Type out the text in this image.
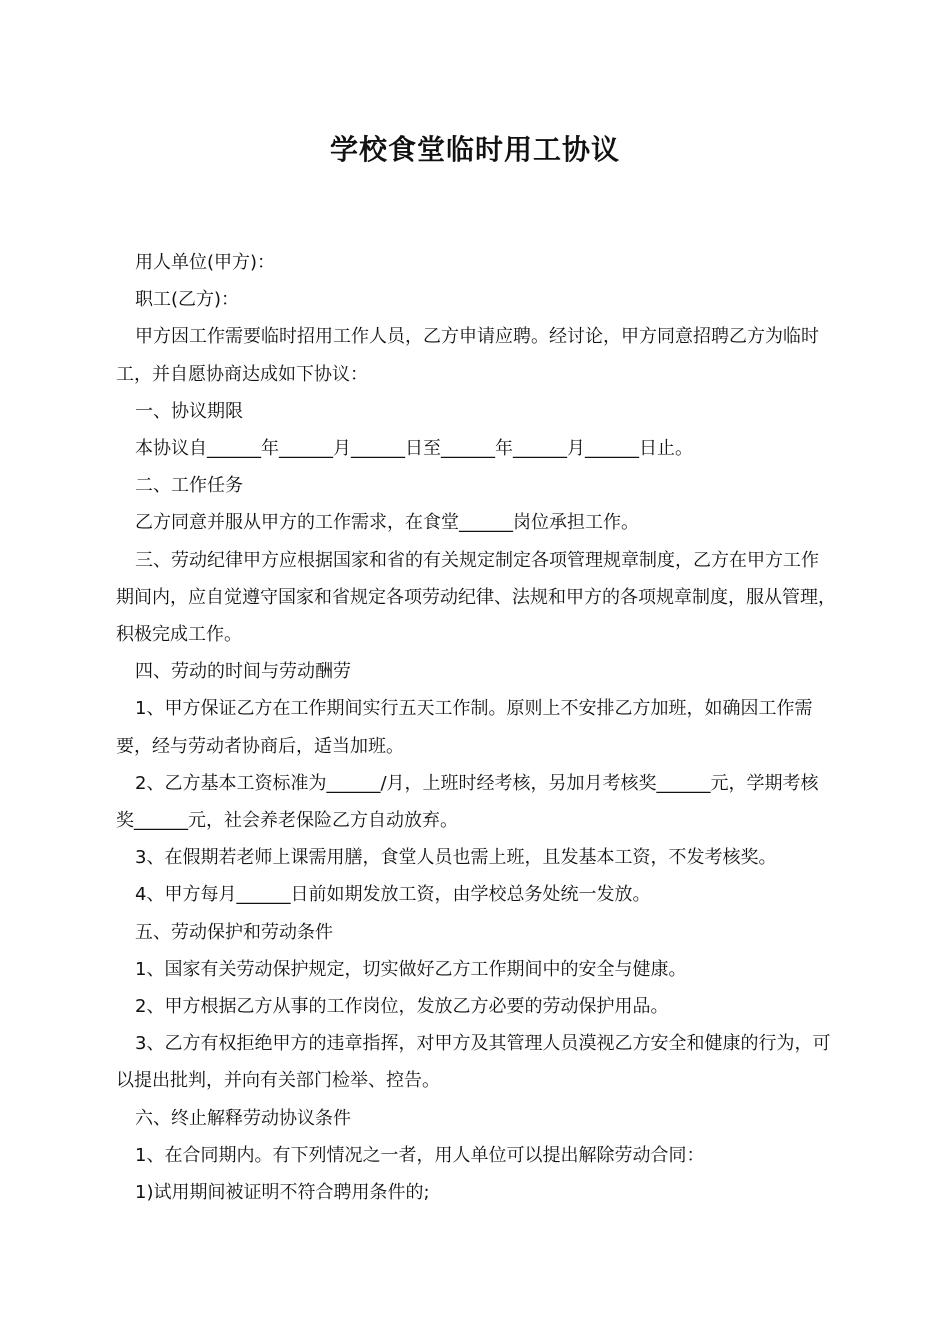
学校食堂临时用工协议

用人单位(甲方)：

职工(乙方)：

甲方因工作需要临时招用工作人员，乙方申请应聘。经讨论，甲方同意招聘乙方为临时工，并自愿协商达成如下协议：

一、协议期限

本协议自______年______月______日至______年______月______日止。

二、工作任务

乙方同意并服从甲方的工作需求，在食堂______岗位承担工作。

三、劳动纪律甲方应根据国家和省的有关规定制定各项管理规章制度，乙方在甲方工作期间内，应自觉遵守国家和省规定各项劳动纪律、法规和甲方的各项规章制度，服从管理，积极完成工作。

四、劳动的时间与劳动酬劳

1、甲方保证乙方在工作期间实行五天工作制。原则上不安排乙方加班，如确因工作需要，经与劳动者协商后，适当加班。

2、乙方基本工资标准为______/月，上班时经考核，另加月考核奖______元，学期考核奖______元，社会养老保险乙方自动放弃。

3、在假期若老师上课需用膳，食堂人员也需上班，且发基本工资，不发考核奖。

4、甲方每月______日前如期发放工资，由学校总务处统一发放。

五、劳动保护和劳动条件

1、国家有关劳动保护规定，切实做好乙方工作期间中的安全与健康。

2、甲方根据乙方从事的工作岗位，发放乙方必要的劳动保护用品。

3、乙方有权拒绝甲方的违章指挥，对甲方及其管理人员漠视乙方安全和健康的行为，可以提出批判，并向有关部门检举、控告。

六、终止解释劳动协议条件

1、在合同期内。有下列情况之一者，用人单位可以提出解除劳动合同：

1)试用期间被证明不符合聘用条件的;
